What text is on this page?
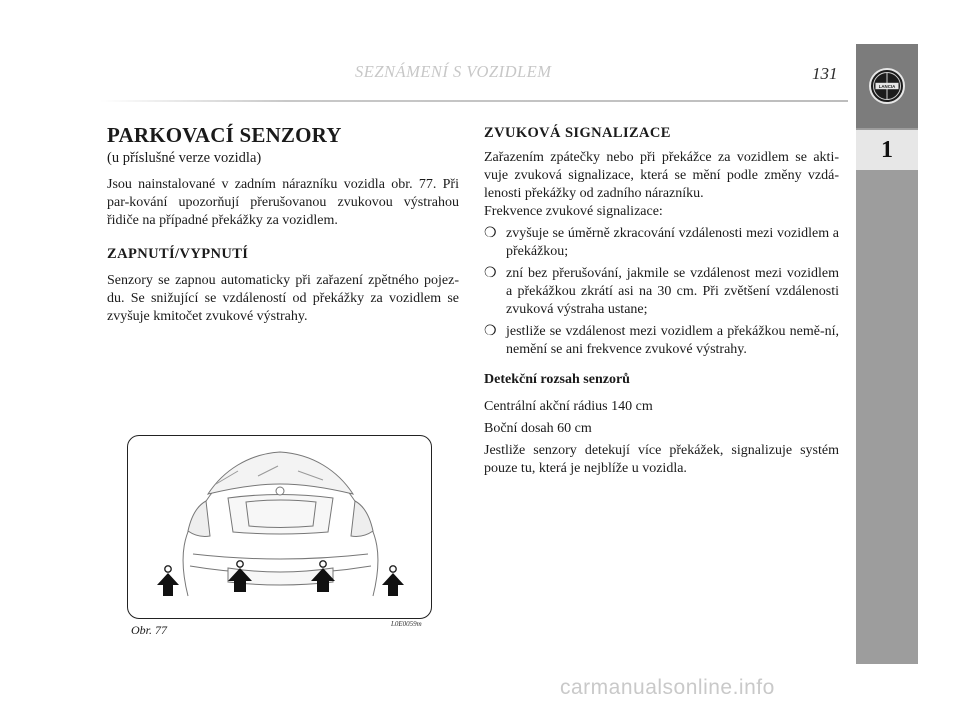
SEZNÁMENÍ S VOZIDLEM	131
LANCIA
1
PARKOVACÍ SENZORY
(u příslušné verze vozidla)

Jsou nainstalované v zadním nárazníku vozidla obr. 77. Při par-kování upozorňují přerušovanou zvukovou výstrahou řidiče na případné překážky za vozidlem.

ZAPNUTÍ/VYPNUTÍ

Senzory se zapnou automaticky při zařazení zpětného pojez-du. Se snižující se vzdáleností od překážky za vozidlem se zvyšuje kmitočet zvukové výstrahy.

ZVUKOVÁ SIGNALIZACE

Zařazením zpátečky nebo při překážce za vozidlem se akti-vuje zvuková signalizace, která se mění podle změny vzdá-lenosti překážky od zadního nárazníku.

Frekvence zvukové signalizace:

❍ zvyšuje se úměrně zkracování vzdálenosti mezi vozidlem a překážkou;
❍ zní bez přerušování, jakmile se vzdálenost mezi vozidlem a překážkou zkrátí asi na 30 cm. Při zvětšení vzdálenosti zvuková výstraha ustane;
❍ jestliže se vzdálenost mezi vozidlem a překážkou nemě-ní, nemění se ani frekvence zvukové výstrahy.
Detekční rozsah senzorů

Centrální akční rádius 140 cm

Boční dosah 60 cm

Jestliže senzory detekují více překážek, signalizuje systém pouze tu, která je nejblíže u vozidla.

L0E0059m
Obr. 77
carmanualsonline.info
